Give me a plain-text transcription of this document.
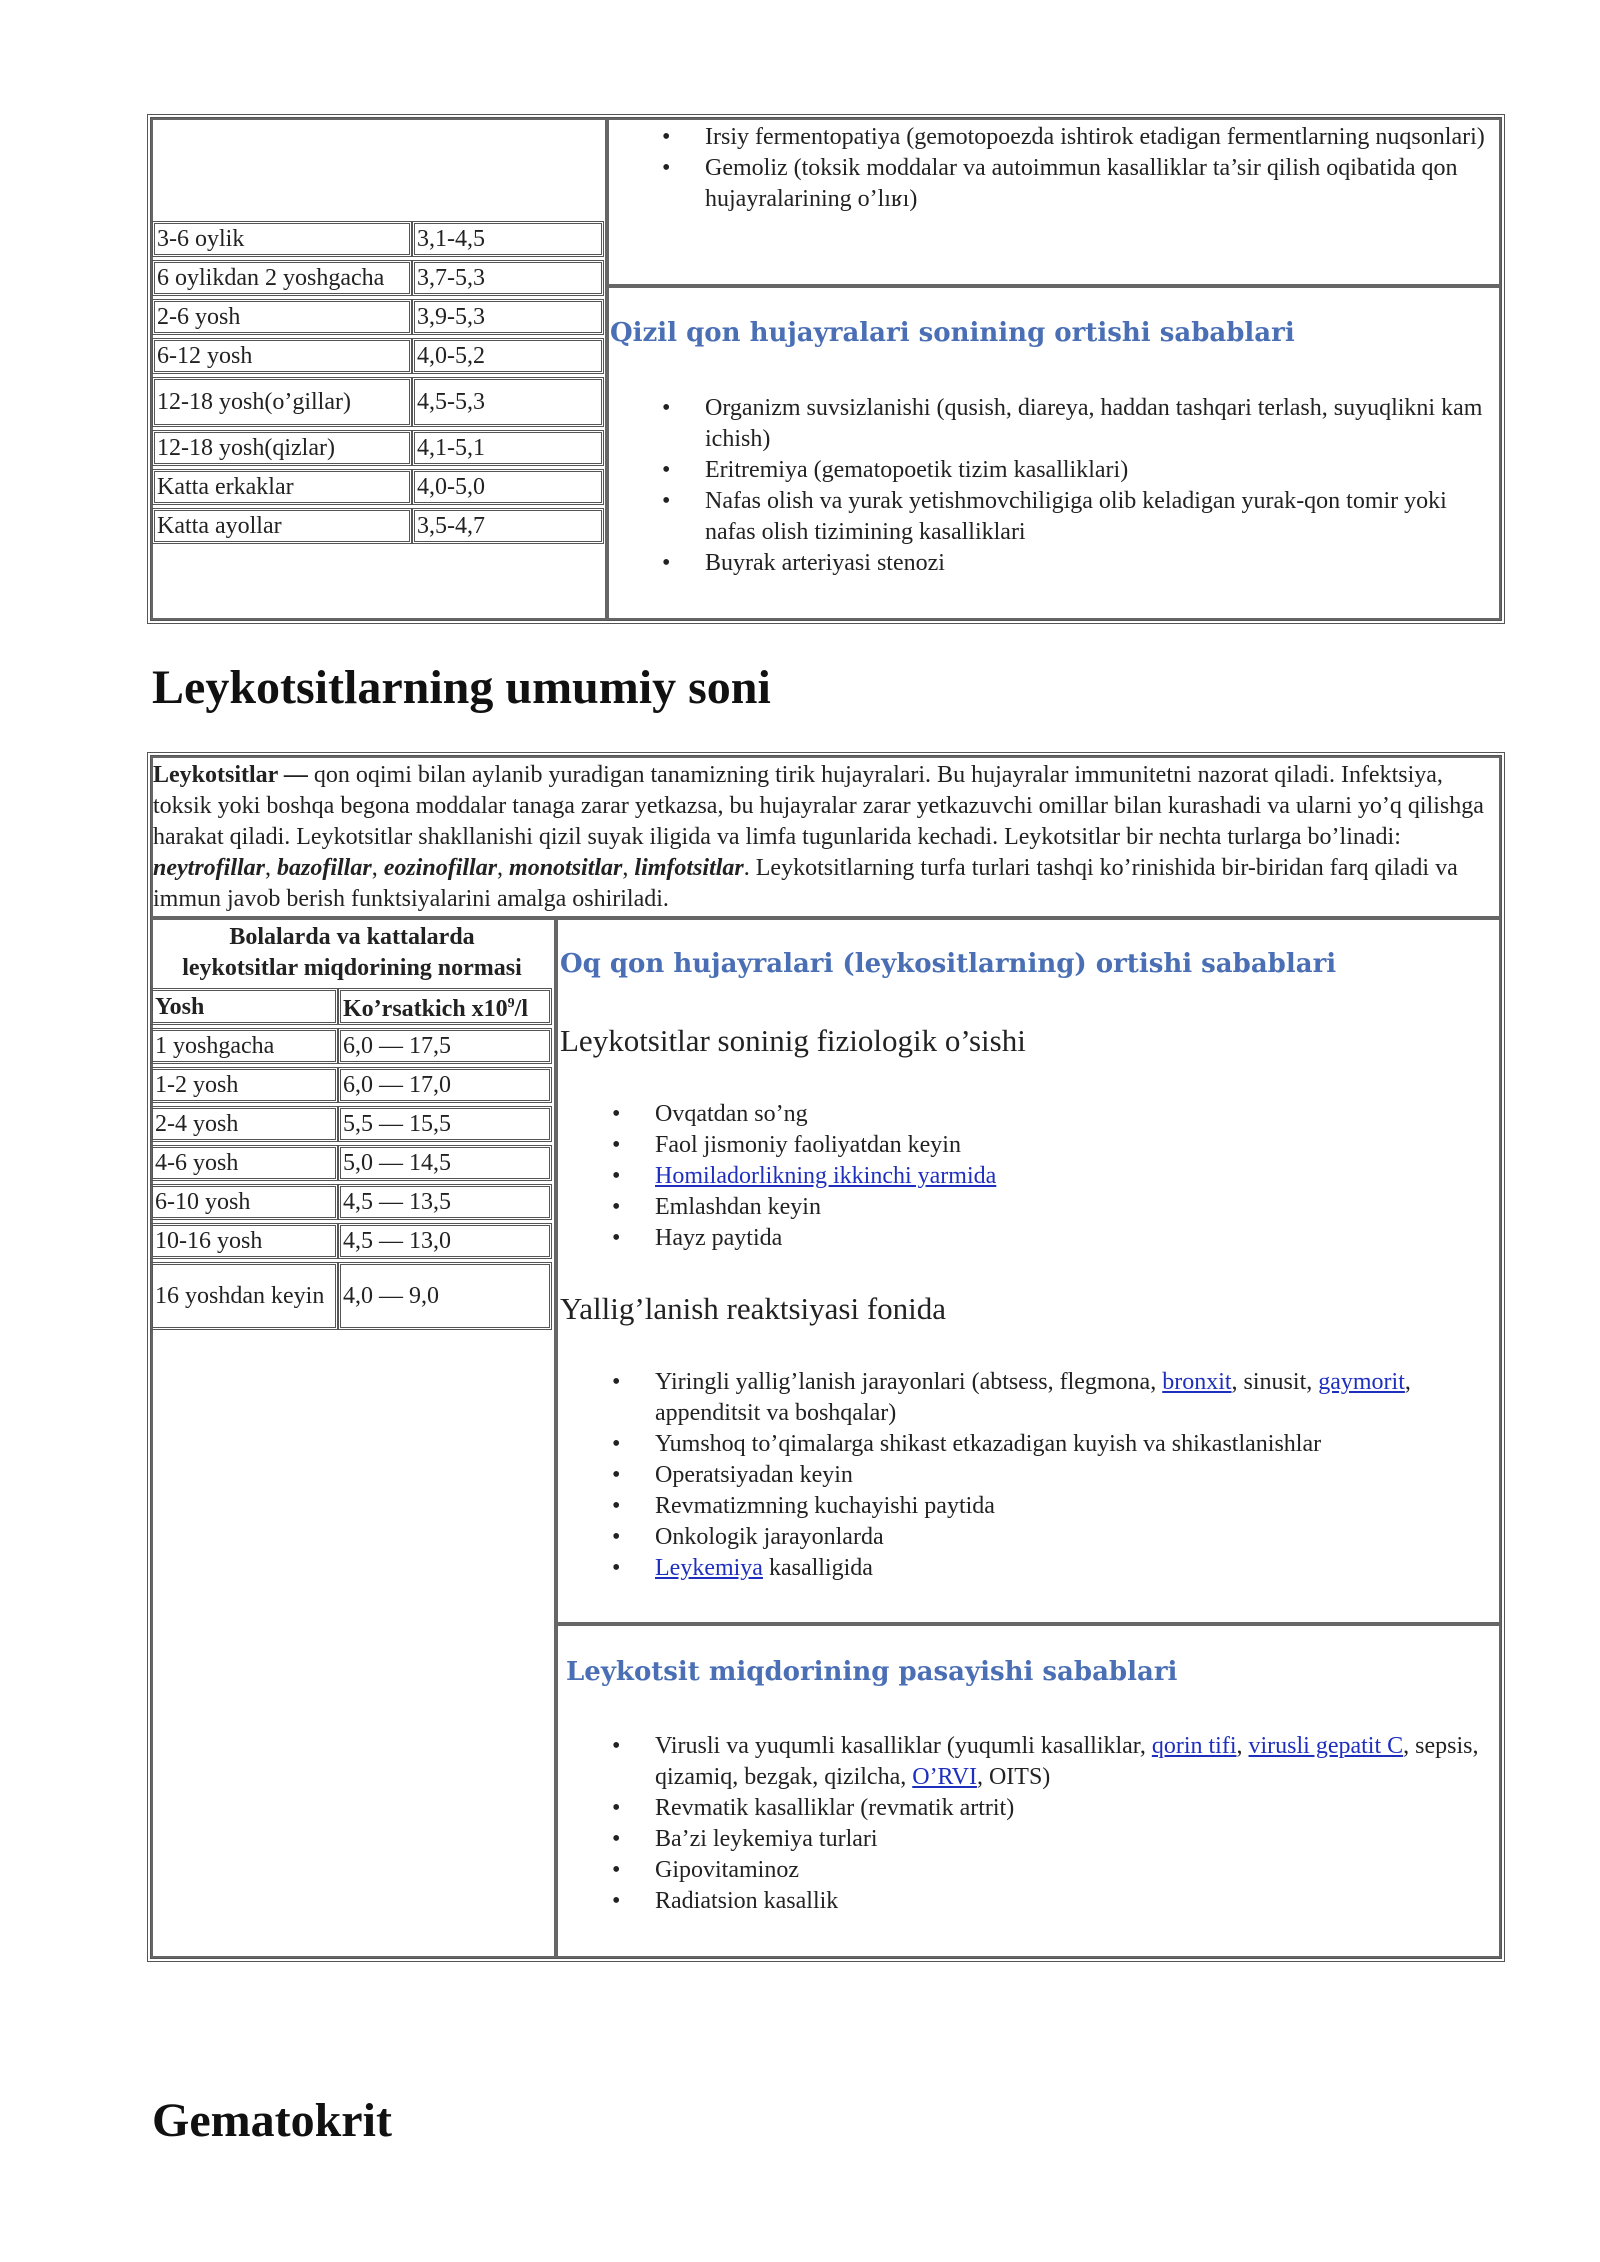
3-6 oylik	3,1-4,5
6 oylikdan 2 yoshgacha	3,7-5,3
2-6 yosh	3,9-5,3
6-12 yosh	4,0-5,2
12-18 yosh(o’gillar)	4,5-5,3
12-18 yosh(qizlar)	4,1-5,1
Katta erkaklar	4,0-5,0
Katta ayollar	3,5-4,7
• Irsiy fermentopatiya (gemotopoezda ishtirok etadigan fermentlarning nuqsonlari)
• Gemoliz (toksik moddalar va autoimmun kasalliklar ta’sir qilish oqibatida qon hujayralarining o’lıʁı)
Qizil qon hujayralari sonining ortishi sabablari
• Organizm suvsizlanishi (qusish, diareya, haddan tashqari terlash, suyuqlikni kam ichish)
• Eritremiya (gematopoetik tizim kasalliklari)
• Nafas olish va yurak yetishmovchiligiga olib keladigan yurak-qon tomir yoki nafas olish tizimining kasalliklari
• Buyrak arteriyasi stenozi
Leykotsitlarning umumiy soni
Leykotsitlar — qon oqimi bilan aylanib yuradigan tanamizning tirik hujayralari. Bu hujayralar immunitetni nazorat qiladi. Infektsiya, toksik yoki boshqa begona moddalar tanaga zarar yetkazsa, bu hujayralar zarar yetkazuvchi omillar bilan kurashadi va ularni yo’q qilishga harakat qiladi. Leykotsitlar shakllanishi qizil suyak iligida va limfa tugunlarida kechadi. Leykotsitlar bir nechta turlarga bo’linadi: neytrofillar, bazofillar, eozinofillar, monotsitlar, limfotsitlar. Leykotsitlarning turfa turlari tashqi ko’rinishida bir-biridan farq qiladi va immun javob berish funktsiyalarini amalga oshiriladi.
Bolalarda va kattalarda
leykotsitlar miqdorining normasi
Yosh	Ko’rsatkich $x10^9/l$
1 yoshgacha	6,0 — 17,5
1-2 yosh	6,0 — 17,0
2-4 yosh	5,5 — 15,5
4-6 yosh	5,0 — 14,5
6-10 yosh	4,5 — 13,5
10-16 yosh	4,5 — 13,0
16 yoshdan keyin	4,0 — 9,0
Oq qon hujayralari (leykositlarning) ortishi sabablari
Leykotsitlar soninig fiziologik o’sishi
• Ovqatdan so’ng
• Faol jismoniy faoliyatdan keyin
• Homiladorlikning ikkinchi yarmida
• Emlashdan keyin
• Hayz paytida
Yallig’lanish reaktsiyasi fonida
• Yiringli yallig’lanish jarayonlari (abtsess, flegmona, bronxit, sinusit, gaymorit, appenditsit va boshqalar)
• Yumshoq to’qimalarga shikast etkazadigan kuyish va shikastlanishlar
• Operatsiyadan keyin
• Revmatizmning kuchayishi paytida
• Onkologik jarayonlarda
• Leykemiya kasalligida
Leykotsit miqdorining pasayishi sabablari
• Virusli va yuqumli kasalliklar (yuqumli kasalliklar, qorin tifi, virusli gepatit C, sepsis, qizamiq, bezgak, qizilcha, O’RVI, OITS)
• Revmatik kasalliklar (revmatik artrit)
• Ba’zi leykemiya turlari
• Gipovitaminoz
• Radiatsion kasallik
Gematokrit
